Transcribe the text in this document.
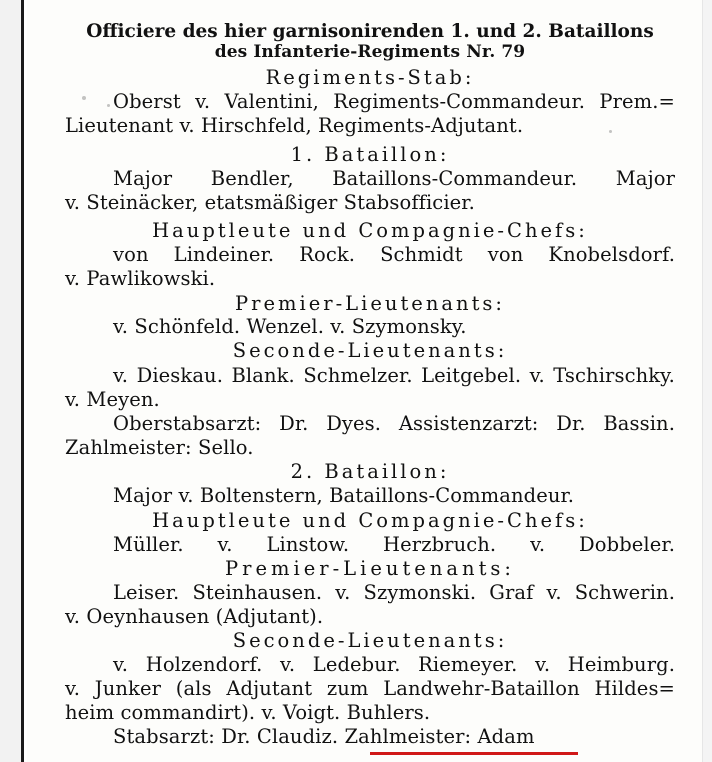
Officiere des hier garnisonirenden 1. und 2. Bataillons
des Infanterie-Regiments Nr. 79
Regiments-Stab:
Oberst v. Valentini, Regiments-Commandeur. Prem.=
Lieutenant v. Hirschfeld, Regiments-Adjutant.
1. Bataillon:
Major Bendler, Bataillons-Commandeur. Major
v. Steinäcker, etatsmäßiger Stabsofficier.
Hauptleute und Compagnie-Chefs:
von Lindeiner. Rock. Schmidt von Knobelsdorf.
v. Pawlikowski.
Premier-Lieutenants:
v. Schönfeld. Wenzel. v. Szymonsky.
Seconde-Lieutenants:
v. Dieskau. Blank. Schmelzer. Leitgebel. v. Tschirschky.
v. Meyen.
Oberstabsarzt: Dr. Dyes. Assistenzarzt: Dr. Bassin.
Zahlmeister: Sello.
2. Bataillon:
Major v. Boltenstern, Bataillons-Commandeur.
Hauptleute und Compagnie-Chefs:
Müller. v. Linstow. Herzbruch. v. Dobbeler.
Premier-Lieutenants:
Leiser. Steinhausen. v. Szymonski. Graf v. Schwerin.
v. Oeynhausen (Adjutant).
Seconde-Lieutenants:
v. Holzendorf. v. Ledebur. Riemeyer. v. Heimburg.
v. Junker (als Adjutant zum Landwehr-Bataillon Hildes=
heim commandirt). v. Voigt. Buhlers.
Stabsarzt: Dr. Claudiz. Zahlmeister: Adam
